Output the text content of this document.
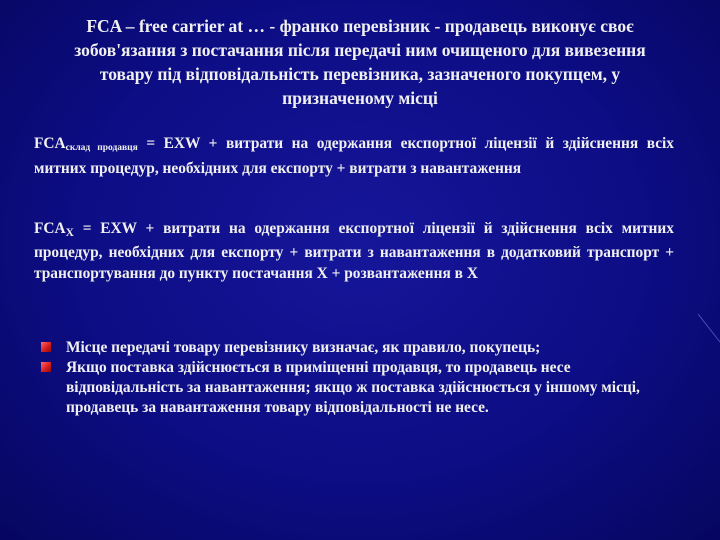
FCA – free carrier at … - франко перевізник - продавець виконує своє зобов'язання з постачання після передачі ним очищеного для вивезення товару під відповідальність перевізника, зазначеного покупцем, у призначеному місці
FCAсклад продавця = EXW + витрати на одержання експортної ліцензії й здійснення всіх митних процедур, необхідних для експорту + витрати з навантаження
FCAX = EXW + витрати на одержання експортної ліцензії й здійснення всіх митних процедур, необхідних для експорту + витрати з навантаження в додатковий транспорт + транспортування до пункту постачання X + розвантаження в X
Місце передачі товару перевізнику визначає, як правило, покупець;
Якщо поставка здійснюється в приміщенні продавця, то продавець несе відповідальність за навантаження; якщо ж поставка здійснюється у іншому місці, продавець за навантаження товару відповідальності не несе.
